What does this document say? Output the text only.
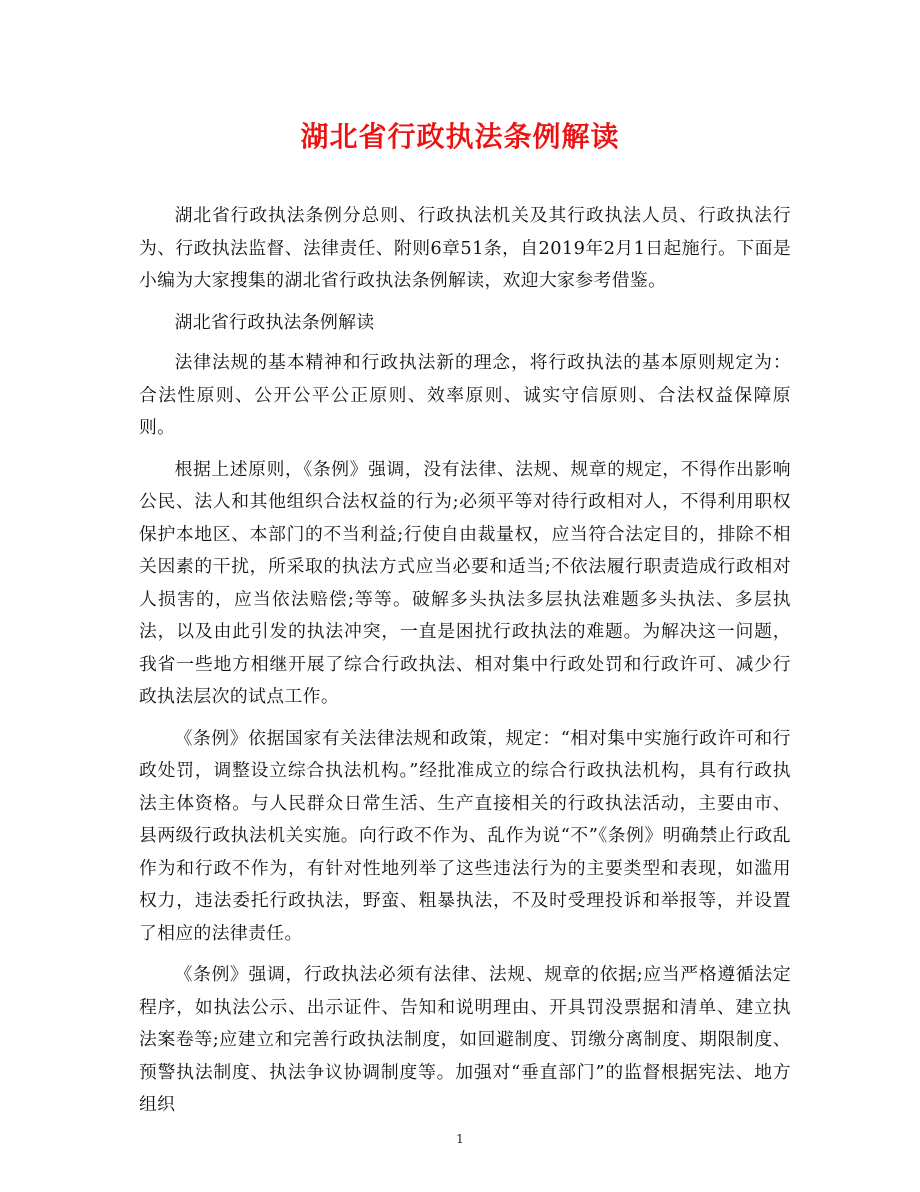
湖北省行政执法条例解读

湖北省行政执法条例分总则、行政执法机关及其行政执法人员、行政执法行为、行政执法监督、法律责任、附则6章51条，自2019年2月1日起施行。下面是小编为大家搜集的湖北省行政执法条例解读，欢迎大家参考借鉴。

湖北省行政执法条例解读

法律法规的基本精神和行政执法新的理念，将行政执法的基本原则规定为：合法性原则、公开公平公正原则、效率原则、诚实守信原则、合法权益保障原则。

根据上述原则，《条例》强调，没有法律、法规、规章的规定，不得作出影响公民、法人和其他组织合法权益的行为;必须平等对待行政相对人，不得利用职权保护本地区、本部门的不当利益;行使自由裁量权，应当符合法定目的，排除不相关因素的干扰，所采取的执法方式应当必要和适当;不依法履行职责造成行政相对人损害的，应当依法赔偿;等等。破解多头执法多层执法难题多头执法、多层执法，以及由此引发的执法冲突，一直是困扰行政执法的难题。为解决这一问题，我省一些地方相继开展了综合行政执法、相对集中行政处罚和行政许可、减少行政执法层次的试点工作。

《条例》依据国家有关法律法规和政策，规定：“相对集中实施行政许可和行政处罚，调整设立综合执法机构。”经批准成立的综合行政执法机构，具有行政执法主体资格。与人民群众日常生活、生产直接相关的行政执法活动，主要由市、县两级行政执法机关实施。向行政不作为、乱作为说“不”《条例》明确禁止行政乱作为和行政不作为，有针对性地列举了这些违法行为的主要类型和表现，如滥用权力，违法委托行政执法，野蛮、粗暴执法，不及时受理投诉和举报等，并设置了相应的法律责任。

《条例》强调，行政执法必须有法律、法规、规章的依据;应当严格遵循法定程序，如执法公示、出示证件、告知和说明理由、开具罚没票据和清单、建立执法案卷等;应建立和完善行政执法制度，如回避制度、罚缴分离制度、期限制度、预警执法制度、执法争议协调制度等。加强对“垂直部门”的监督根据宪法、地方组织

1
